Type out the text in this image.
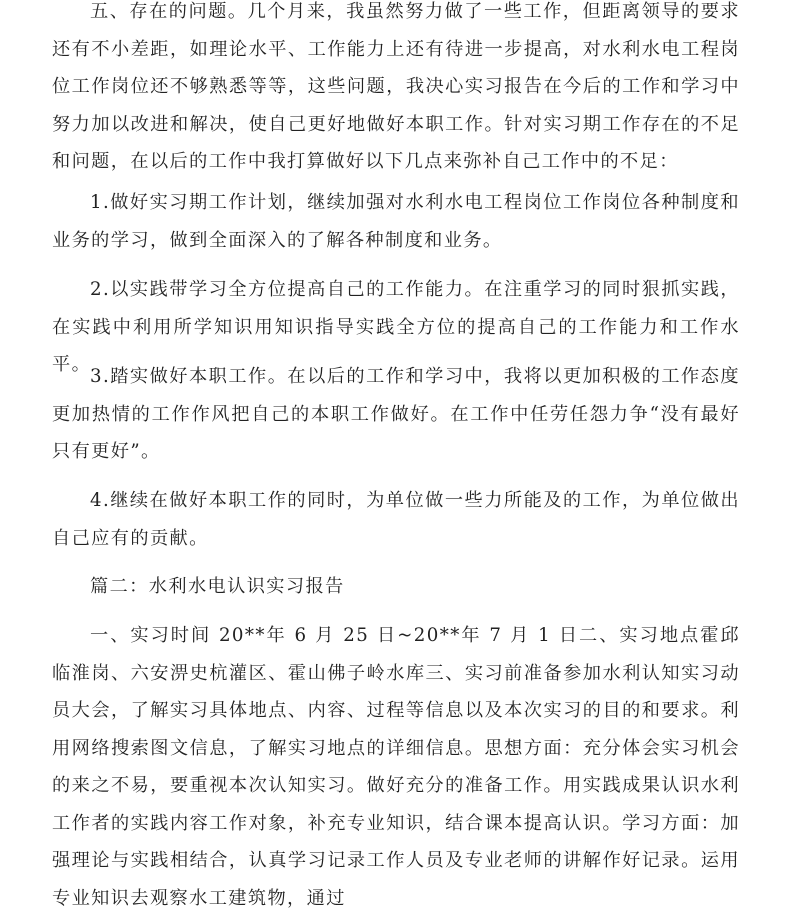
五、存在的问题。几个月来，我虽然努力做了一些工作，但距离领导的要求还有不小差距，如理论水平、工作能力上还有待进一步提高，对水利水电工程岗位工作岗位还不够熟悉等等，这些问题，我决心实习报告在今后的工作和学习中努力加以改进和解决，使自己更好地做好本职工作。针对实习期工作存在的不足和问题，在以后的工作中我打算做好以下几点来弥补自己工作中的不足：

1.做好实习期工作计划，继续加强对水利水电工程岗位工作岗位各种制度和业务的学习，做到全面深入的了解各种制度和业务。

2.以实践带学习全方位提高自己的工作能力。在注重学习的同时狠抓实践，在实践中利用所学知识用知识指导实践全方位的提高自己的工作能力和工作水平。

3.踏实做好本职工作。在以后的工作和学习中，我将以更加积极的工作态度更加热情的工作作风把自己的本职工作做好。在工作中任劳任怨力争“没有最好只有更好”。

4.继续在做好本职工作的同时，为单位做一些力所能及的工作，为单位做出自己应有的贡献。

篇二：水利水电认识实习报告

一、实习时间 20**年 6 月 25 日~20**年 7 月 1 日二、实习地点霍邱临淮岗、六安淠史杭灌区、霍山佛子岭水库三、实习前准备参加水利认知实习动员大会，了解实习具体地点、内容、过程等信息以及本次实习的目的和要求。利用网络搜索图文信息，了解实习地点的详细信息。思想方面：充分体会实习机会的来之不易，要重视本次认知实习。做好充分的准备工作。用实践成果认识水利工作者的实践内容工作对象，补充专业知识，结合课本提高认识。学习方面：加强理论与实践相结合，认真学习记录工作人员及专业老师的讲解作好记录。运用专业知识去观察水工建筑物，通过
